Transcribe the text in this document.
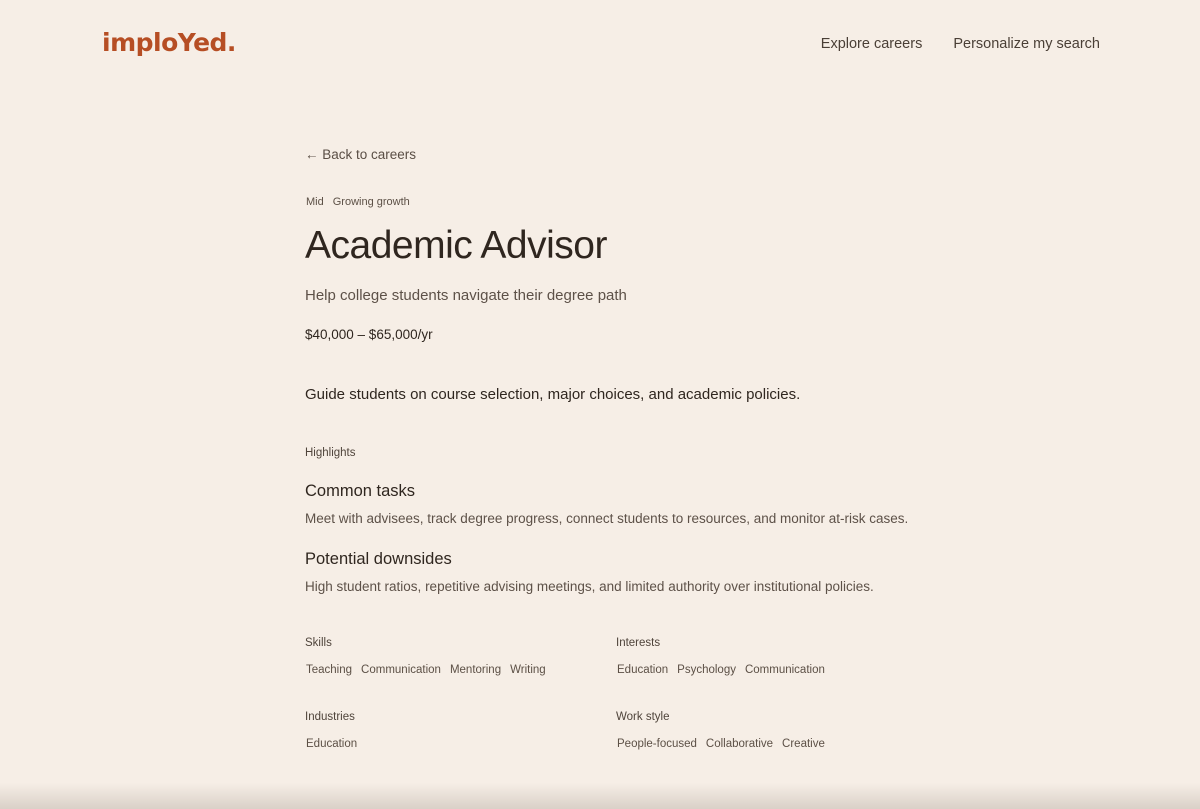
imploYed.	Explore careers Personalize my search
← Back to careers
Mid Growing growth
Academic Advisor
Help college students navigate their degree path
$40,000 – $65,000/yr
Guide students on course selection, major choices, and academic policies.
Highlights
Common tasks
Meet with advisees, track degree progress, connect students to resources, and monitor at-risk cases.
Potential downsides
High student ratios, repetitive advising meetings, and limited authority over institutional policies.
Skills
Teaching Communication Mentoring Writing
Interests
Education Psychology Communication
Industries
Education
Work style
People-focused Collaborative Creative
